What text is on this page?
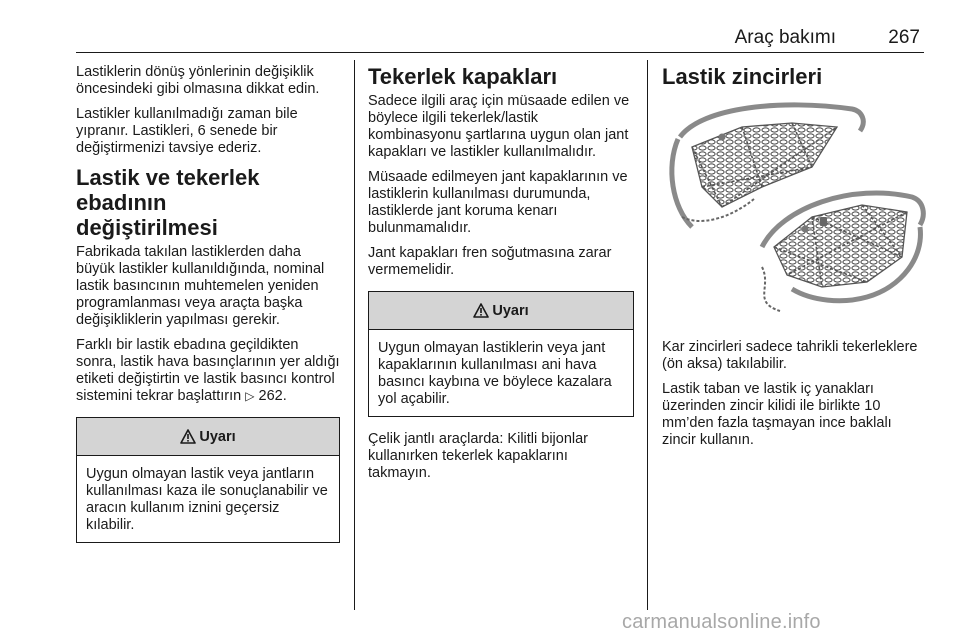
Araç bakımı	267

Lastiklerin dönüş yönlerinin değişiklik öncesindeki gibi olmasına dikkat edin.

Lastikler kullanılmadığı zaman bile yıpranır. Lastikleri, 6 senede bir değiştirmenizi tavsiye ederiz.

Lastik ve tekerlek ebadının
değiştirilmesi

Fabrikada takılan lastiklerden daha büyük lastikler kullanıldığında, nominal lastik basıncının muhtemelen yeniden programlanması veya araçta başka değişikliklerin yapılması gerekir.

Farklı bir lastik ebadına geçildikten sonra, lastik hava basınçlarının yer aldığı etiketi değiştirtin ve lastik basıncı kontrol sistemini tekrar başlattırın ▷ 262.

Uyarı

Uygun olmayan lastik veya jantların kullanılması kaza ile sonuçlanabilir ve aracın kullanım iznini geçersiz kılabilir.

Tekerlek kapakları

Sadece ilgili araç için müsaade edilen ve böylece ilgili tekerlek/lastik kombinasyonu şartlarına uygun olan jant kapakları ve lastikler kullanılmalıdır.

Müsaade edilmeyen jant kapaklarının ve lastiklerin kullanılması durumunda, lastiklerde jant koruma kenarı bulunmamalıdır.

Jant kapakları fren soğutmasına zarar vermemelidir.

Uyarı

Uygun olmayan lastiklerin veya jant kapaklarının kullanılması ani hava basıncı kaybına ve böylece kazalara yol açabilir.

Çelik jantlı araçlarda: Kilitli bijonlar kullanırken tekerlek kapaklarını takmayın.

Lastik zincirleri

Kar zincirleri sadece tahrikli tekerleklere (ön aksa) takılabilir.

Lastik taban ve lastik iç yanakları üzerinden zincir kilidi ile birlikte 10 mm’den fazla taşmayan ince baklalı zincir kullanın.

carmanualsonline.info
